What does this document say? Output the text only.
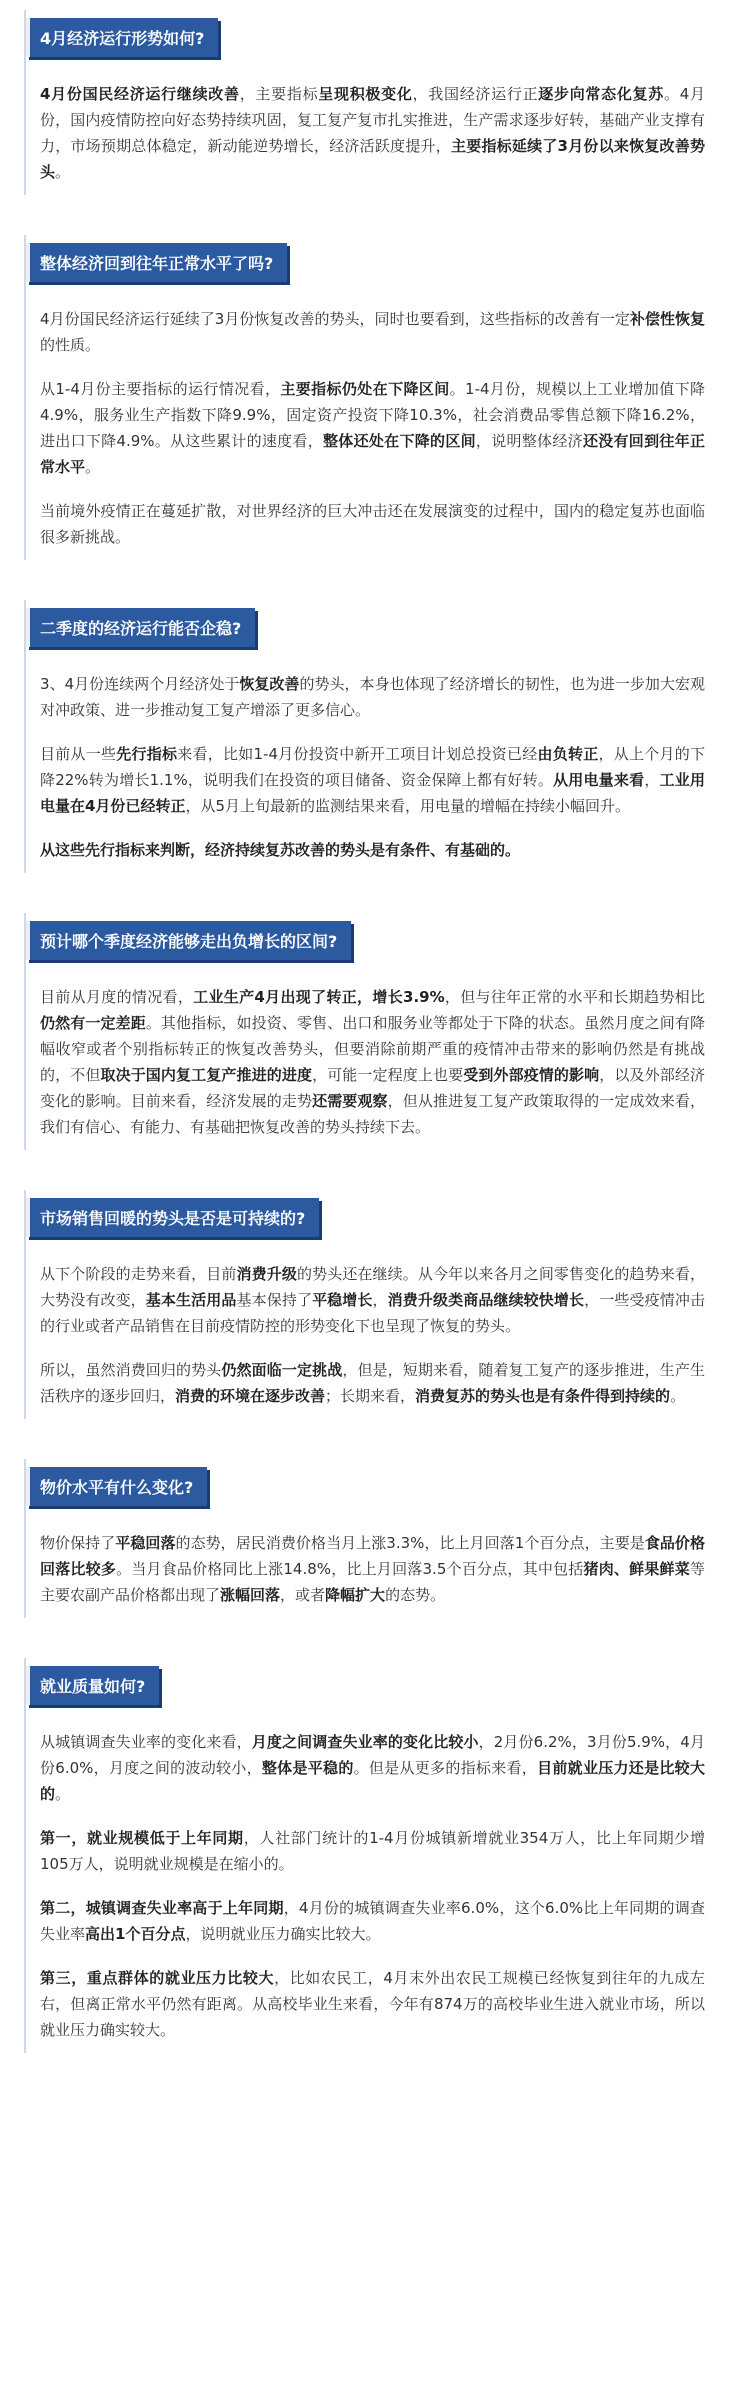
4月经济运行形势如何?

4月份国民经济运行继续改善，主要指标呈现积极变化，我国经济运行正逐步向常态化复苏。4月份，国内疫情防控向好态势持续巩固，复工复产复市扎实推进，生产需求逐步好转，基础产业支撑有力，市场预期总体稳定，新动能逆势增长，经济活跃度提升，主要指标延续了3月份以来恢复改善势头。

整体经济回到往年正常水平了吗?

4月份国民经济运行延续了3月份恢复改善的势头，同时也要看到，这些指标的改善有一定补偿性恢复的性质。

从1-4月份主要指标的运行情况看，主要指标仍处在下降区间。1-4月份，规模以上工业增加值下降4.9%，服务业生产指数下降9.9%，固定资产投资下降10.3%，社会消费品零售总额下降16.2%，进出口下降4.9%。从这些累计的速度看，整体还处在下降的区间，说明整体经济还没有回到往年正常水平。

当前境外疫情正在蔓延扩散，对世界经济的巨大冲击还在发展演变的过程中，国内的稳定复苏也面临很多新挑战。

二季度的经济运行能否企稳?

3、4月份连续两个月经济处于恢复改善的势头，本身也体现了经济增长的韧性，也为进一步加大宏观对冲政策、进一步推动复工复产增添了更多信心。

目前从一些先行指标来看，比如1-4月份投资中新开工项目计划总投资已经由负转正，从上个月的下降22%转为增长1.1%，说明我们在投资的项目储备、资金保障上都有好转。从用电量来看，工业用电量在4月份已经转正，从5月上旬最新的监测结果来看，用电量的增幅在持续小幅回升。

从这些先行指标来判断，经济持续复苏改善的势头是有条件、有基础的。

预计哪个季度经济能够走出负增长的区间?

目前从月度的情况看，工业生产4月出现了转正，增长3.9%，但与往年正常的水平和长期趋势相比仍然有一定差距。其他指标，如投资、零售、出口和服务业等都处于下降的状态。虽然月度之间有降幅收窄或者个别指标转正的恢复改善势头，但要消除前期严重的疫情冲击带来的影响仍然是有挑战的，不但取决于国内复工复产推进的进度，可能一定程度上也要受到外部疫情的影响，以及外部经济变化的影响。目前来看，经济发展的走势还需要观察，但从推进复工复产政策取得的一定成效来看，我们有信心、有能力、有基础把恢复改善的势头持续下去。

市场销售回暖的势头是否是可持续的?

从下个阶段的走势来看，目前消费升级的势头还在继续。从今年以来各月之间零售变化的趋势来看，大势没有改变，基本生活用品基本保持了平稳增长，消费升级类商品继续较快增长，一些受疫情冲击的行业或者产品销售在目前疫情防控的形势变化下也呈现了恢复的势头。

所以，虽然消费回归的势头仍然面临一定挑战，但是，短期来看，随着复工复产的逐步推进，生产生活秩序的逐步回归，消费的环境在逐步改善；长期来看，消费复苏的势头也是有条件得到持续的。

物价水平有什么变化?

物价保持了平稳回落的态势，居民消费价格当月上涨3.3%，比上月回落1个百分点，主要是食品价格回落比较多。当月食品价格同比上涨14.8%，比上月回落3.5个百分点，其中包括猪肉、鲜果鲜菜等主要农副产品价格都出现了涨幅回落，或者降幅扩大的态势。

就业质量如何?

从城镇调查失业率的变化来看，月度之间调查失业率的变化比较小，2月份6.2%，3月份5.9%，4月份6.0%，月度之间的波动较小，整体是平稳的。但是从更多的指标来看，目前就业压力还是比较大的。

第一，就业规模低于上年同期，人社部门统计的1-4月份城镇新增就业354万人，比上年同期少增105万人，说明就业规模是在缩小的。

第二，城镇调查失业率高于上年同期，4月份的城镇调查失业率6.0%，这个6.0%比上年同期的调查失业率高出1个百分点，说明就业压力确实比较大。

第三，重点群体的就业压力比较大，比如农民工，4月末外出农民工规模已经恢复到往年的九成左右，但离正常水平仍然有距离。从高校毕业生来看，今年有874万的高校毕业生进入就业市场，所以就业压力确实较大。
